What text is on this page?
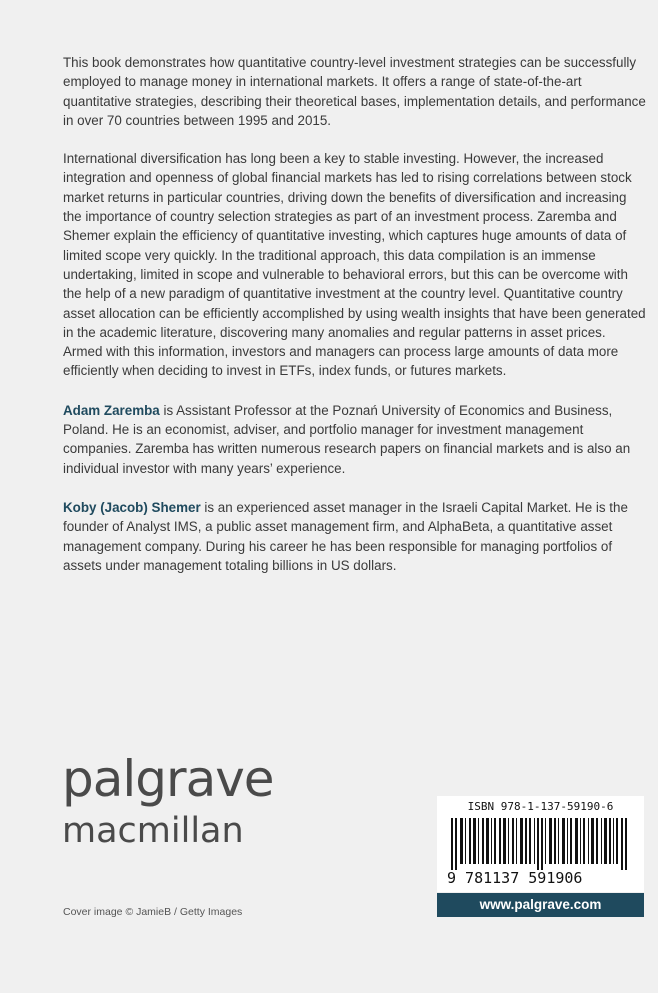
This book demonstrates how quantitative country-level investment strategies can be successfully employed to manage money in international markets. It offers a range of state-of-the-art quantitative strategies, describing their theoretical bases, implementation details, and performance in over 70 countries between 1995 and 2015.

International diversification has long been a key to stable investing. However, the increased integration and openness of global financial markets has led to rising correlations between stock market returns in particular countries, driving down the benefits of diversification and increasing the importance of country selection strategies as part of an investment process. Zaremba and Shemer explain the efficiency of quantitative investing, which captures huge amounts of data of limited scope very quickly. In the traditional approach, this data compilation is an immense undertaking, limited in scope and vulnerable to behavioral errors, but this can be overcome with the help of a new paradigm of quantitative investment at the country level. Quantitative country asset allocation can be efficiently accomplished by using wealth insights that have been generated in the academic literature, discovering many anomalies and regular patterns in asset prices. Armed with this information, investors and managers can process large amounts of data more efficiently when deciding to invest in ETFs, index funds, or futures markets.

Adam Zaremba is Assistant Professor at the Poznań University of Economics and Business, Poland. He is an economist, adviser, and portfolio manager for investment management companies. Zaremba has written numerous research papers on financial markets and is also an individual investor with many years’ experience.

Koby (Jacob) Shemer is an experienced asset manager in the Israeli Capital Market. He is the founder of Analyst IMS, a public asset management firm, and AlphaBeta, a quantitative asset management company. During his career he has been responsible for managing portfolios of assets under management totaling billions in US dollars.

palgrave
macmillan
Cover image © JamieB / Getty Images
ISBN 978-1-137-59190-6
9 781137 591906
www.palgrave.com
